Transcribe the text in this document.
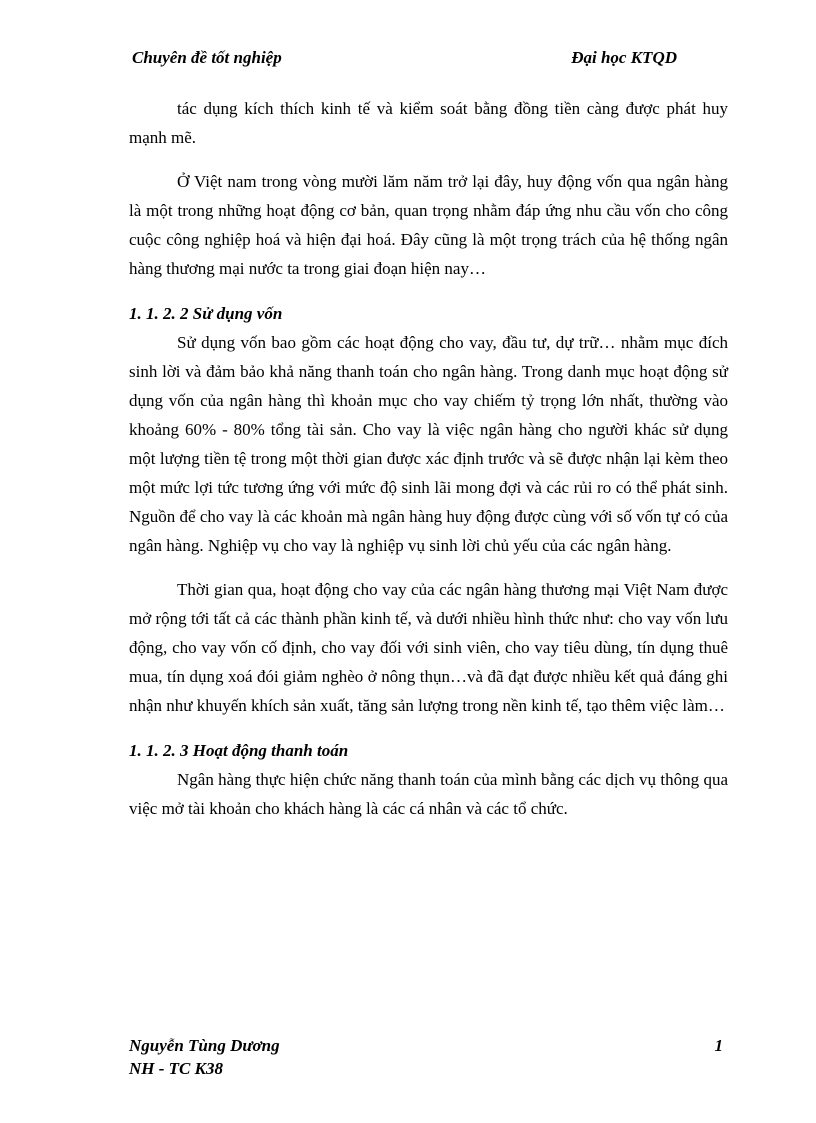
Chuyên đề tốt nghiệp	Đại học KTQD

tác dụng kích thích kinh tế và kiểm soát bằng đồng tiền càng được phát huy mạnh mẽ.

Ở Việt nam trong vòng mười lăm năm trở lại đây, huy động vốn qua ngân hàng là một trong những hoạt động cơ bản, quan trọng nhằm đáp ứng nhu cầu vốn cho công cuộc công nghiệp hoá và hiện đại hoá. Đây cũng là một trọng trách của hệ thống ngân hàng thương mại nước ta trong giai đoạn hiện nay…

1. 1. 2. 2 Sử dụng vốn

Sử dụng vốn bao gồm các hoạt động cho vay, đầu tư, dự trữ… nhằm mục đích sinh lời và đảm bảo khả năng thanh toán cho ngân hàng. Trong danh mục hoạt động sử dụng vốn của ngân hàng thì khoản mục cho vay chiếm tỷ trọng lớn nhất, thường vào khoảng 60% - 80% tổng tài sản. Cho vay là việc ngân hàng cho người khác sử dụng một lượng tiền tệ trong một thời gian được xác định trước và sẽ được nhận lại kèm theo một mức lợi tức tương ứng với mức độ sinh lãi mong đợi và các rủi ro có thể phát sinh. Nguồn để cho vay là các khoản mà ngân hàng huy động được cùng với số vốn tự có của ngân hàng. Nghiệp vụ cho vay là nghiệp vụ sinh lời chủ yếu của các ngân hàng.

Thời gian qua, hoạt động cho vay của các ngân hàng thương mại Việt Nam được mở rộng tới tất cả các thành phần kinh tế, và dưới nhiều hình thức như: cho vay vốn lưu động, cho vay vốn cố định, cho vay đối với sinh viên, cho vay tiêu dùng, tín dụng thuê mua, tín dụng xoá đói giảm nghèo ở nông thụn…và đã đạt được nhiều kết quả đáng ghi nhận như khuyến khích sản xuất, tăng sản lượng trong nền kinh tế, tạo thêm việc làm…

1. 1. 2. 3 Hoạt động thanh toán

Ngân hàng thực hiện chức năng thanh toán của mình bằng các dịch vụ thông qua việc mở tài khoản cho khách hàng là các cá nhân và các tổ chức.

Nguyễn Tùng Dương
NH - TC K38
1
